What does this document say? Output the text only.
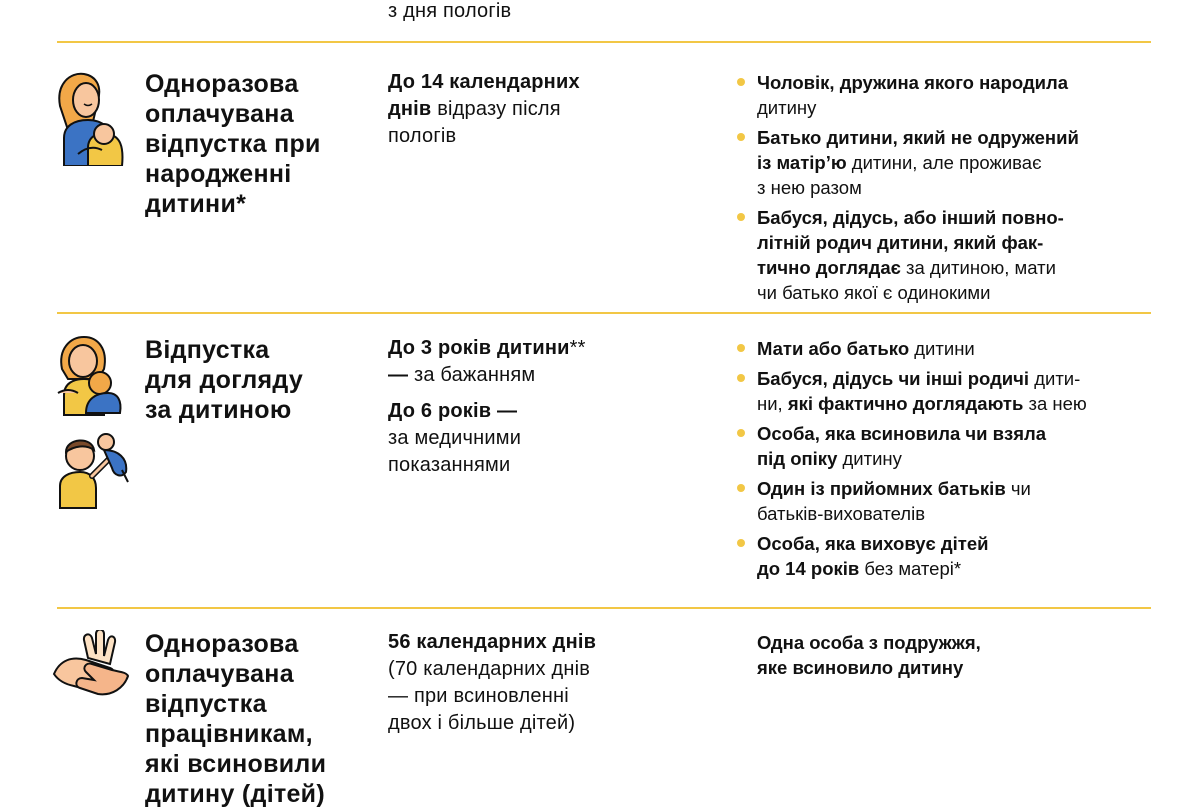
з дня пологів
Одноразова
оплачувана
відпустка при
народженні
дитини*
До 14 календарних
днів відразу після
пологів
Чоловік, дружина якого народила
дитину
Батько дитини, який не одружений
із матір’ю дитини, але проживає
з нею разом
Бабуся, дідусь, або інший повно-
літній родич дитини, який фак-
тично доглядає за дитиною, мати
чи батько якої є одинокими
Відпустка
для догляду
за дитиною
До 3 років дитини**
— за бажанням
До 6 років —
за медичними
показаннями
Мати або батько дитини
Бабуся, дідусь чи інші родичі дити-
ни, які фактично доглядають за нею
Особа, яка всиновила чи взяла
під опіку дитину
Один із прийомних батьків чи
батьків-вихователів
Особа, яка виховує дітей
до 14 років без матері*
Одноразова
оплачувана
відпустка
працівникам,
які всиновили
дитину (дітей)
56 календарних днів
(70 календарних днів
— при всиновленні
двох і більше дітей)
Одна особа з подружжя,
яке всиновило дитину
